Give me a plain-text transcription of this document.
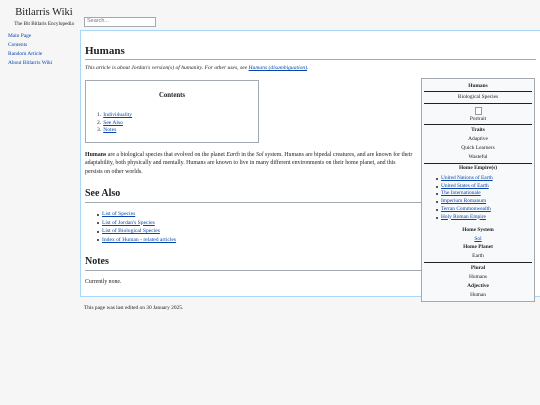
Bitlarris Wiki
The Bit Bitlaris Encylopedia	Search...
Main Page
Contents
Random Article
About Bitlarris Wiki
Humans
This article is about Jordan's version(s) of humanity. For other uses, see Humans (disambiguation).
Contents
1. Individuality
2. See Also
3. Notes

Humans are a biological species that evolved on the planet Earth in the Sol system. Humans are bipedal creatures, and are known for their adaptability, both physically and mentally. Humans are known to live in many different environments on their home planet, and this persists on other worlds.

See Also
List of Species
List of Jordan's Species
List of Biological Species
Index of Human - related articles
Notes

Currently none.

Humans
Biological Species
Portrait
Traits
Adaptive
Quick Learners
Wasteful
Home Empire(s)
United Nations of Earth
United States of Earth
The Internationale
Imperium Romanum
Terran Commonwealth
Holy Roman Empire
Home System
Sol
Home Planet
Earth
Plural
Humans
Adjective
Human
This page was last edited on 30 January 2025.
